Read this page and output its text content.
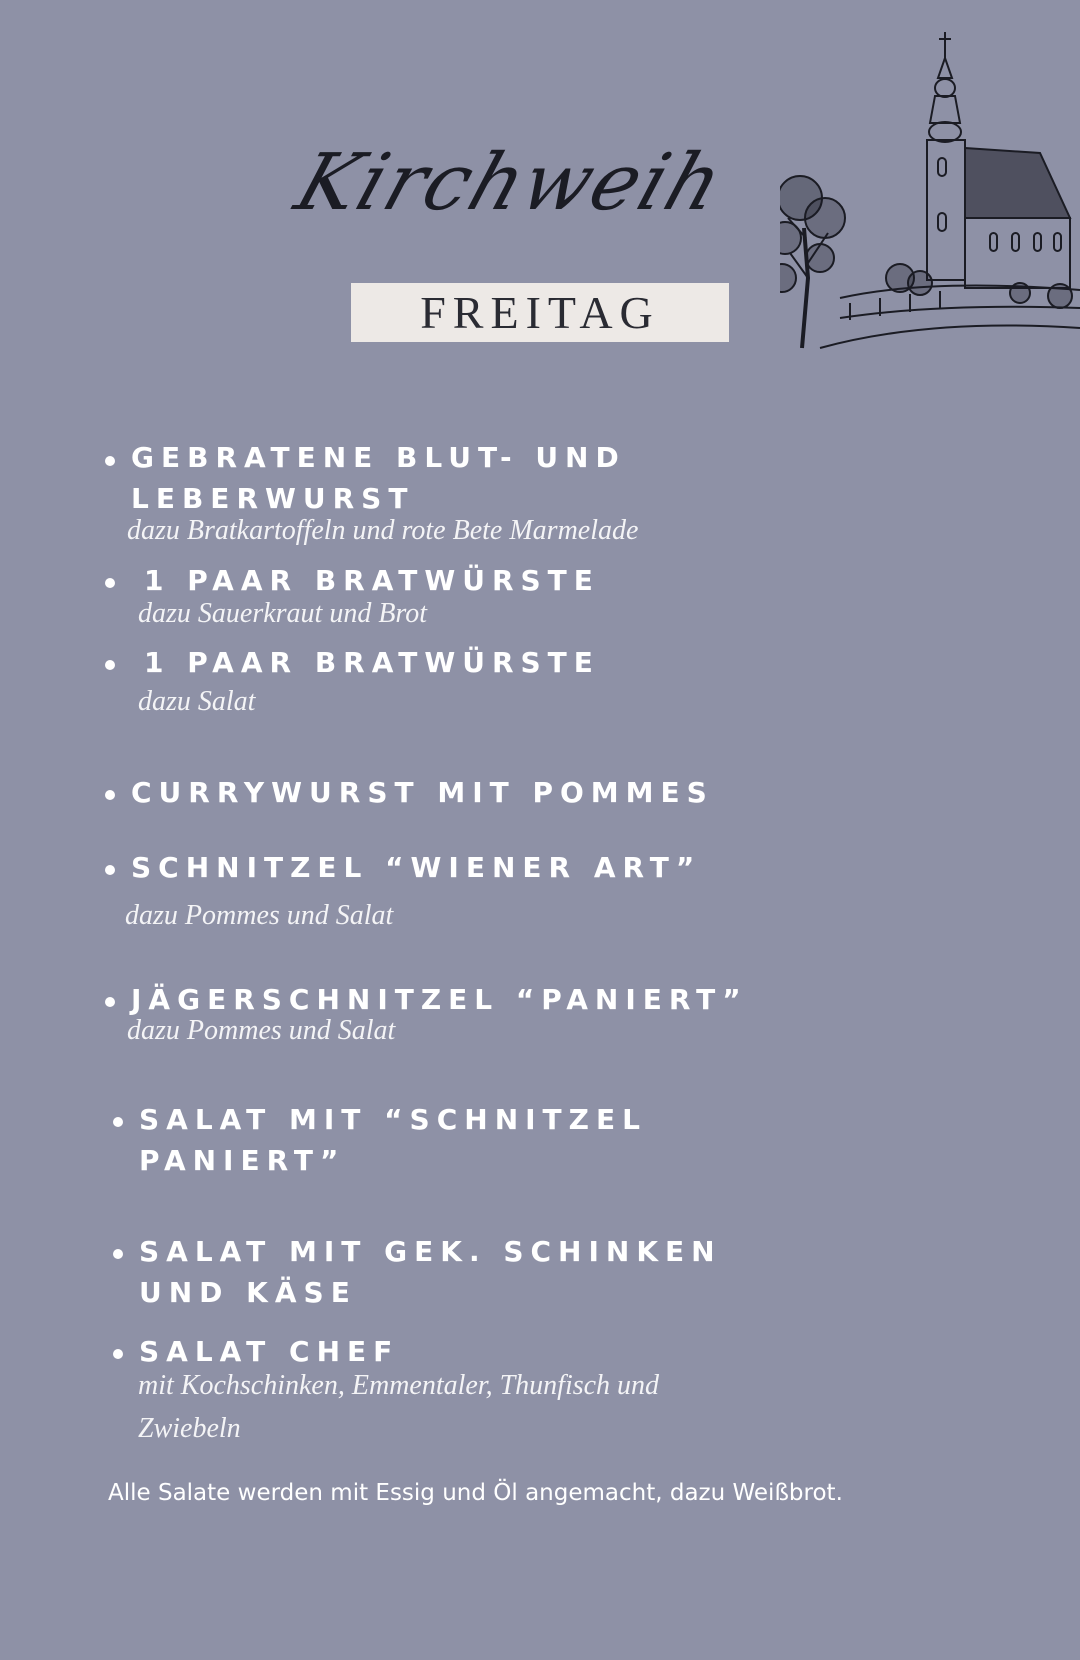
Kirchweih
FREITAG
GEBRATENE BLUT- UND
LEBERWURST
dazu Bratkartoffeln und rote Bete Marmelade
1 PAAR BRATWÜRSTE
dazu Sauerkraut und Brot
1 PAAR BRATWÜRSTE
dazu Salat
CURRYWURST MIT POMMES
SCHNITZEL “WIENER ART”
dazu Pommes und Salat
JÄGERSCHNITZEL “PANIERT”
dazu Pommes und Salat
SALAT MIT “SCHNITZEL
PANIERT”
SALAT MIT GEK. SCHINKEN
UND KÄSE
SALAT CHEF
mit Kochschinken, Emmentaler, Thunfisch und
Zwiebeln
Alle Salate werden mit Essig und Öl angemacht, dazu Weißbrot.
